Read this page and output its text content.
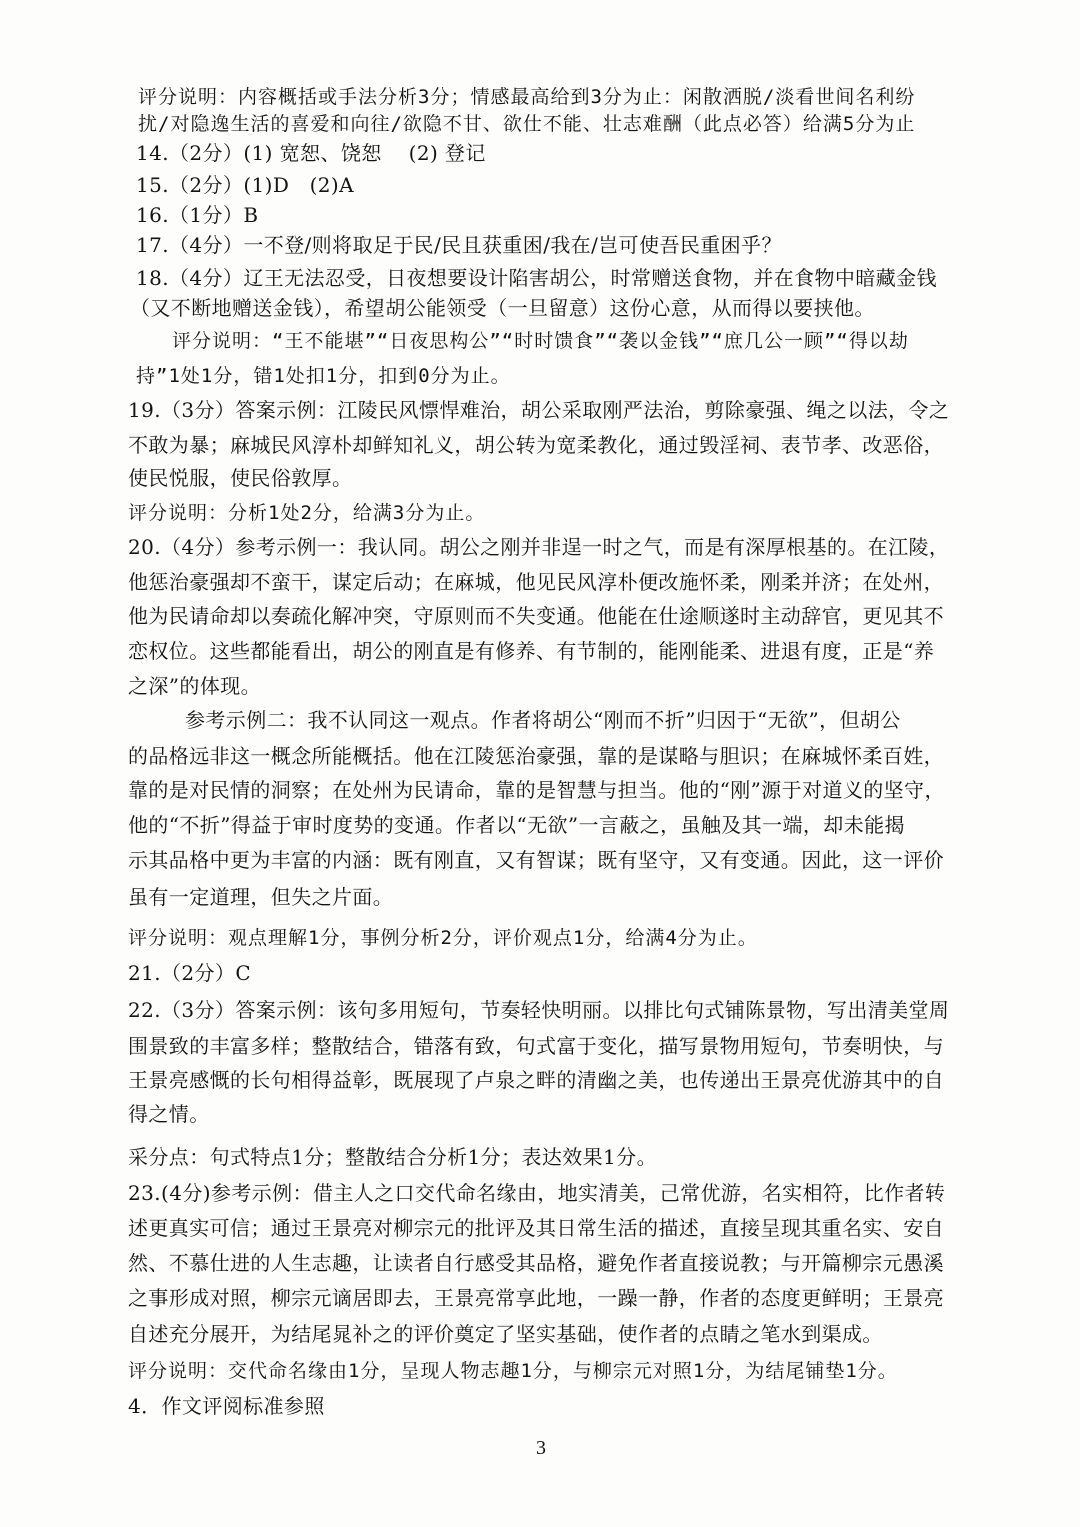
评分说明：内容概括或手法分析3分；情感最高给到3分为止：闲散洒脱/淡看世间名利纷
扰/对隐逸生活的喜爱和向往/欲隐不甘、欲仕不能、壮志难酬（此点必答）给满5分为止
14.（2分）(1) 宽恕、饶恕    (2) 登记
15.（2分）(1)D   (2)A
16.（1分）B
17.（4分）一不登/则将取足于民/民且获重困/我在/岂可使吾民重困乎？
18.（4分）辽王无法忍受，日夜想要设计陷害胡公，时常赠送食物，并在食物中暗藏金钱
（又不断地赠送金钱），希望胡公能领受（一旦留意）这份心意，从而得以要挟他。
评分说明：“王不能堪”“日夜思构公”“时时馈食”“袭以金钱”“庶几公一顾”“得以劫
持”1处1分，错1处扣1分，扣到0分为止。
19.（3分）答案示例：江陵民风慓悍难治，胡公采取刚严法治，剪除豪强、绳之以法，令之
不敢为暴；麻城民风淳朴却鲜知礼义，胡公转为宽柔教化，通过毁淫祠、表节孝、改恶俗，
使民悦服，使民俗敦厚。
评分说明：分析1处2分，给满3分为止。
20.（4分）参考示例一：我认同。胡公之刚并非逞一时之气，而是有深厚根基的。在江陵，
他惩治豪强却不蛮干，谋定后动；在麻城，他见民风淳朴便改施怀柔，刚柔并济；在处州，
他为民请命却以奏疏化解冲突，守原则而不失变通。他能在仕途顺遂时主动辞官，更见其不
恋权位。这些都能看出，胡公的刚直是有修养、有节制的，能刚能柔、进退有度，正是“养
之深”的体现。
参考示例二：我不认同这一观点。作者将胡公“刚而不折”归因于“无欲”，但胡公
的品格远非这一概念所能概括。他在江陵惩治豪强，靠的是谋略与胆识；在麻城怀柔百姓，
靠的是对民情的洞察；在处州为民请命，靠的是智慧与担当。他的“刚”源于对道义的坚守，
他的“不折”得益于审时度势的变通。作者以“无欲”一言蔽之，虽触及其一端，却未能揭
示其品格中更为丰富的内涵：既有刚直，又有智谋；既有坚守，又有变通。因此，这一评价
虽有一定道理，但失之片面。
评分说明：观点理解1分，事例分析2分，评价观点1分，给满4分为止。
21.（2分）C
22.（3分）答案示例：该句多用短句，节奏轻快明丽。以排比句式铺陈景物，写出清美堂周
围景致的丰富多样；整散结合，错落有致，句式富于变化，描写景物用短句，节奏明快，与
王景亮感慨的长句相得益彰，既展现了卢泉之畔的清幽之美，也传递出王景亮优游其中的自
得之情。
采分点：句式特点1分；整散结合分析1分；表达效果1分。
23.(4分)参考示例：借主人之口交代命名缘由，地实清美，己常优游，名实相符，比作者转
述更真实可信；通过王景亮对柳宗元的批评及其日常生活的描述，直接呈现其重名实、安自
然、不慕仕进的人生志趣，让读者自行感受其品格，避免作者直接说教；与开篇柳宗元愚溪
之事形成对照，柳宗元谪居即去，王景亮常享此地，一躁一静，作者的态度更鲜明；王景亮
自述充分展开，为结尾晁补之的评价奠定了坚实基础，使作者的点睛之笔水到渠成。
评分说明：交代命名缘由1分，呈现人物志趣1分，与柳宗元对照1分，为结尾铺垫1分。
4．作文评阅标准参照
3
